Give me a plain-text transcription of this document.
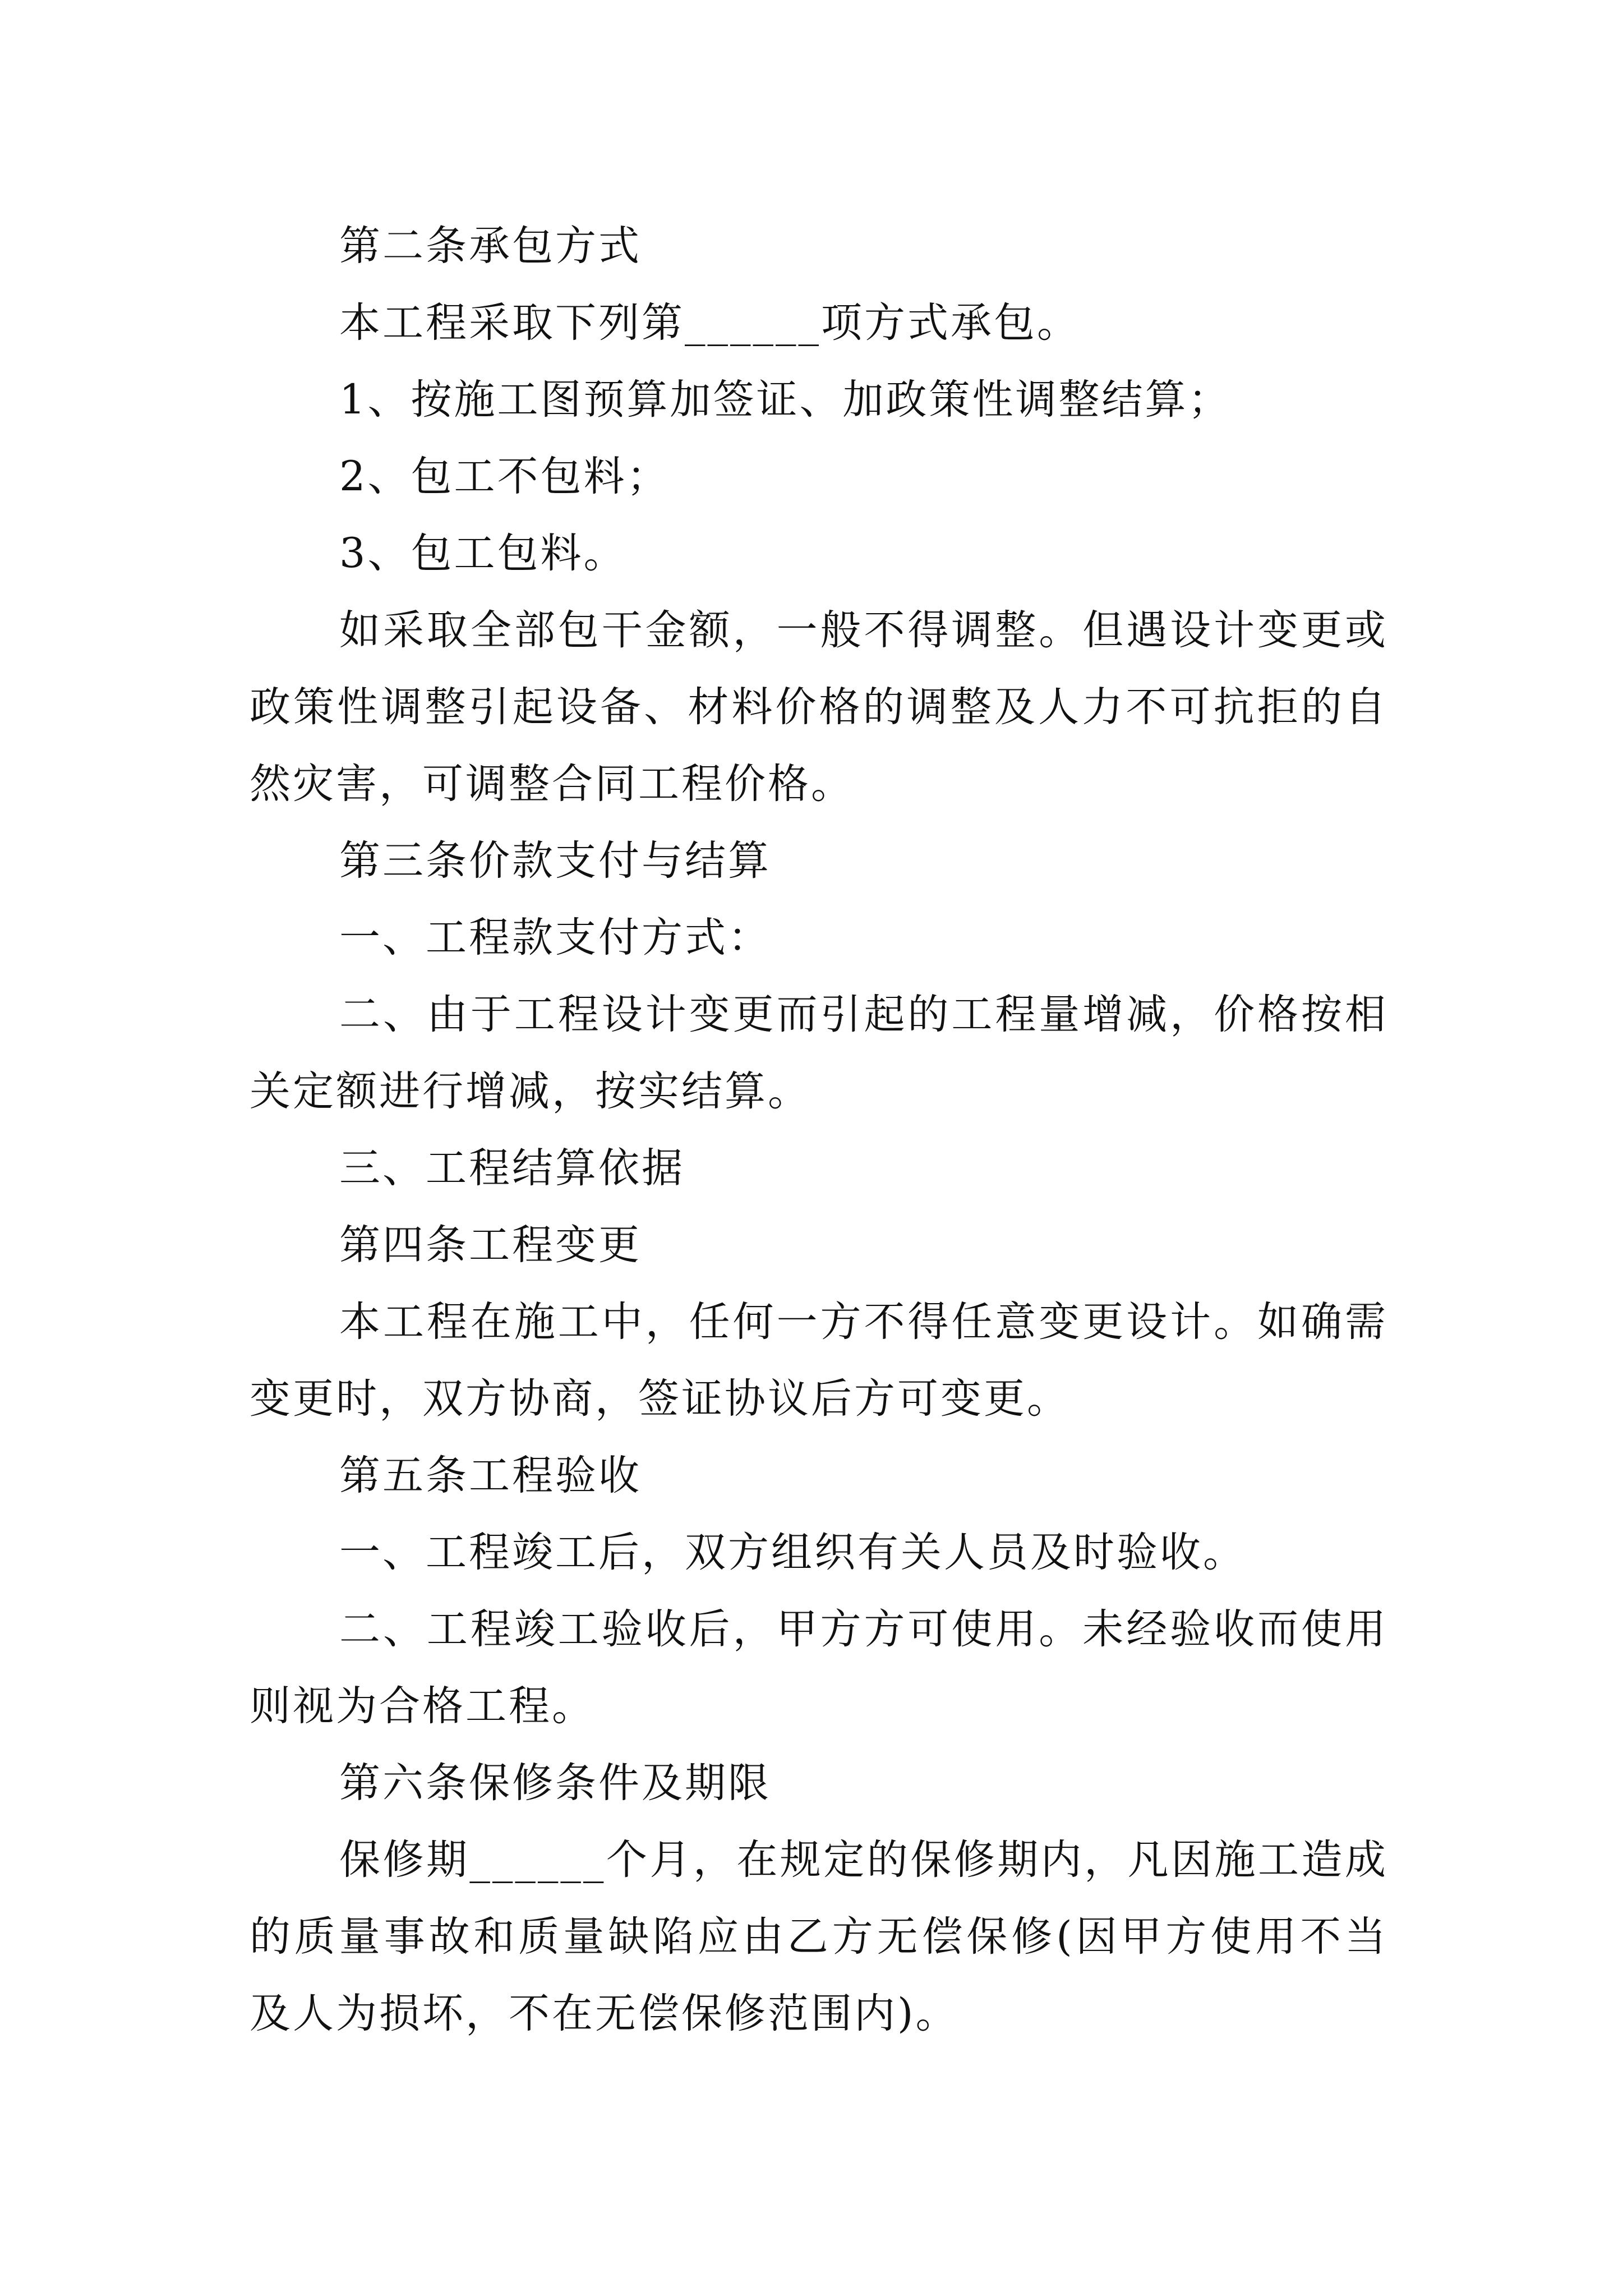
第二条承包方式

本工程采取下列第______项方式承包。

1、按施工图预算加签证、加政策性调整结算；

2、包工不包料；

3、包工包料。

如采取全部包干金额，一般不得调整。但遇设计变更或政策性调整引起设备、材料价格的调整及人力不可抗拒的自然灾害，可调整合同工程价格。

第三条价款支付与结算

一、工程款支付方式：

二、由于工程设计变更而引起的工程量增减，价格按相关定额进行增减，按实结算。

三、工程结算依据

第四条工程变更

本工程在施工中，任何一方不得任意变更设计。如确需变更时，双方协商，签证协议后方可变更。

第五条工程验收

一、工程竣工后，双方组织有关人员及时验收。

二、工程竣工验收后，甲方方可使用。未经验收而使用则视为合格工程。

第六条保修条件及期限

保修期______个月，在规定的保修期内，凡因施工造成的质量事故和质量缺陷应由乙方无偿保修(因甲方使用不当及人为损坏，不在无偿保修范围内)。
